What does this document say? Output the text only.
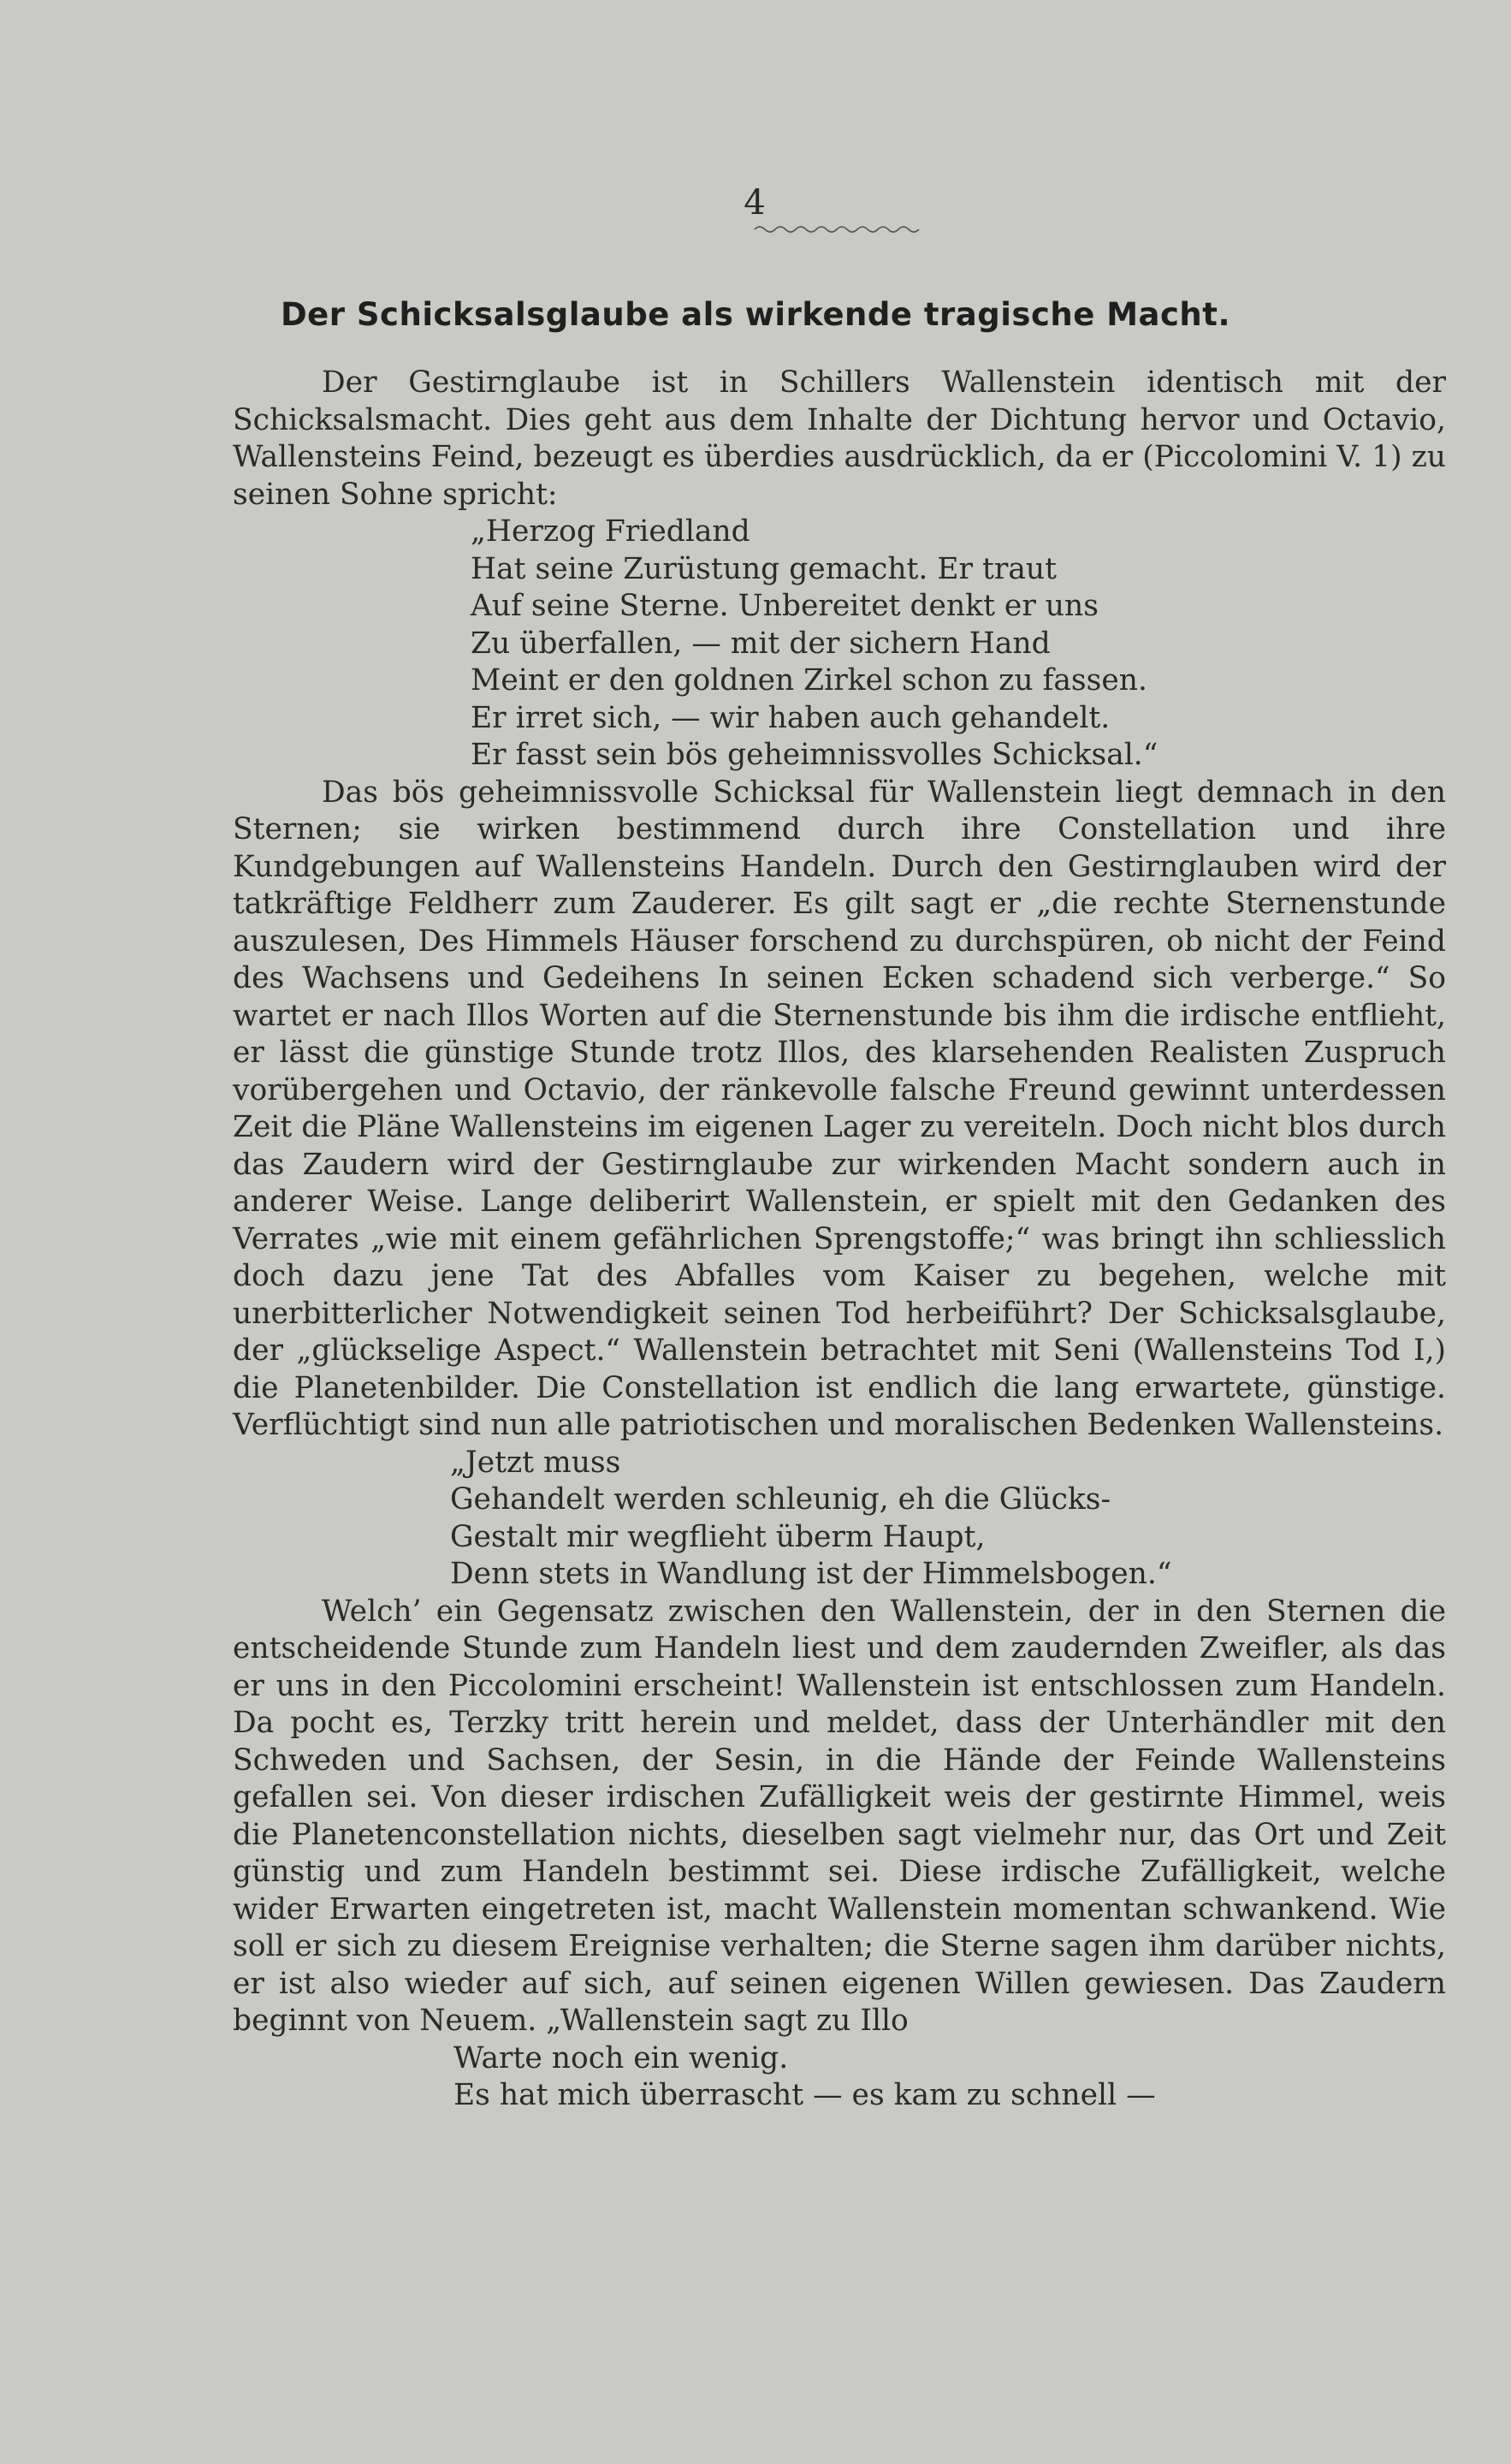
4
Der Schicksalsglaube als wirkende tragische Macht.

Der Gestirnglaube ist in Schillers Wallenstein identisch mit der Schicksalsmacht. Dies geht aus dem Inhalte der Dichtung hervor und Octavio, Wallensteins Feind, bezeugt es überdies ausdrücklich, da er (Piccolomini V. 1) zu seinen Sohne spricht:

„Herzog Friedland
Hat seine Zurüstung gemacht. Er traut
Auf seine Sterne. Unbereitet denkt er uns
Zu überfallen, — mit der sichern Hand
Meint er den goldnen Zirkel schon zu fassen.
Er irret sich, — wir haben auch gehandelt.
Er fasst sein bös geheimnissvolles Schicksal.“

Das bös geheimnissvolle Schicksal für Wallenstein liegt demnach in den Sternen; sie wirken bestimmend durch ihre Constellation und ihre Kundgebungen auf Wallensteins Handeln. Durch den Gestirnglauben wird der tatkräftige Feldherr zum Zauderer. Es gilt sagt er „die rechte Sternenstunde auszulesen, Des Himmels Häuser forschend zu durchspüren, ob nicht der Feind des Wachsens und Gedeihens In seinen Ecken schadend sich verberge.“ So wartet er nach Illos Worten auf die Sternenstunde bis ihm die irdische entflieht, er lässt die günstige Stunde trotz Illos, des klarsehenden Realisten Zuspruch vorübergehen und Octavio, der ränkevolle falsche Freund gewinnt unterdessen Zeit die Pläne Wallensteins im eigenen Lager zu vereiteln. Doch nicht blos durch das Zaudern wird der Gestirnglaube zur wirkenden Macht sondern auch in anderer Weise. Lange deliberirt Wallenstein, er spielt mit den Gedanken des Verrates „wie mit einem gefährlichen Sprengstoffe;“ was bringt ihn schliesslich doch dazu jene Tat des Abfalles vom Kaiser zu begehen, welche mit unerbitterlicher Notwendigkeit seinen Tod herbeiführt? Der Schicksalsglaube, der „glückselige Aspect.“ Wallenstein betrachtet mit Seni (Wallensteins Tod I,) die Planetenbilder. Die Constellation ist endlich die lang erwartete, günstige. Verflüchtigt sind nun alle patriotischen und moralischen Bedenken Wallensteins.

„Jetzt muss
Gehandelt werden schleunig, eh die Glücks-
Gestalt mir wegflieht überm Haupt,
Denn stets in Wandlung ist der Himmelsbogen.“

Welch’ ein Gegensatz zwischen den Wallenstein, der in den Sternen die entscheidende Stunde zum Handeln liest und dem zaudernden Zweifler, als das er uns in den Piccolomini erscheint! Wallenstein ist entschlossen zum Handeln. Da pocht es, Terzky tritt herein und meldet, dass der Unterhändler mit den Schweden und Sachsen, der Sesin, in die Hände der Feinde Wallensteins gefallen sei. Von dieser irdischen Zufälligkeit weis der gestirnte Himmel, weis die Planetenconstellation nichts, dieselben sagt vielmehr nur, das Ort und Zeit günstig und zum Handeln bestimmt sei. Diese irdische Zufälligkeit, welche wider Erwarten eingetreten ist, macht Wallenstein momentan schwankend. Wie soll er sich zu diesem Ereignise verhalten; die Sterne sagen ihm darüber nichts, er ist also wieder auf sich, auf seinen eigenen Willen gewiesen. Das Zaudern beginnt von Neuem. „Wallenstein sagt zu Illo

Warte noch ein wenig.
Es hat mich überrascht — es kam zu schnell —
